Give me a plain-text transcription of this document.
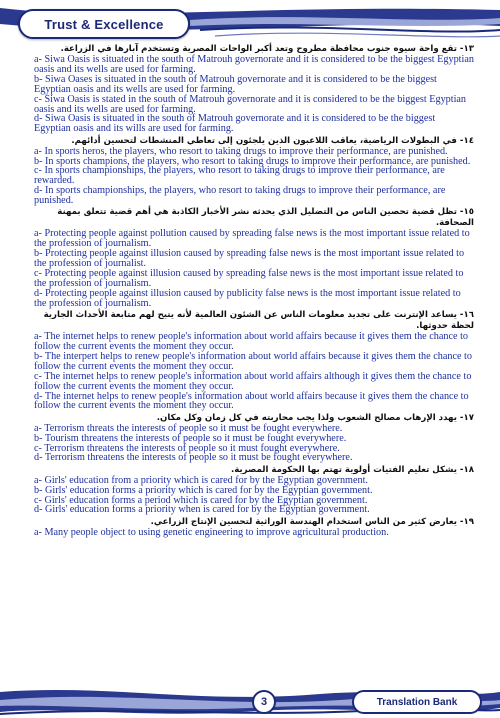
Trust & Excellence
١٣- تقع واحة سيوه جنوب محافظة مطروح وتعد أكبر الواحات المصرية وتستخدم آبارها في الزراعة.
a- Siwa Oasis is situated in the south of Matrouh governorate and it is considered to be the biggest Egyptian oasis and its wells are used for farming.
b- Siwa Oases is situated in the south of Matrouh governorate and it is considered to be the biggest Egyptian oasis and its wells are used for farming.
c- Siwa Oasis is stated in the south of Matrouh governorate and it is considered to be the biggest Egyptian oasis and its wells are used for farming.
d- Siwa Oasis is situated in the south of Matrouh governorate and it is considered to be the biggest Egyptian oasis and its wills are used for farming.
١٤- في البطولات الرياضية، يعاقب اللاعبون الذين يلجئون إلى تعاطي المنشطات لتحسين أدائهم.
a- In sports heros, the players, who resort to taking drugs to improve their performance, are punished.
b- In sports champions, the players, who resort to taking drugs to improve their performance, are punished.
c- In sports championships, the players, who resort to taking drugs to improve their performance, are rewarded.
d- In sports championships, the players, who resort to taking drugs to improve their performance, are punished.
١٥- تظل قضية تحصين الناس من التضليل الذي يحدثه نشر الأخبار الكاذبة هي أهم قضية تتعلق بمهنة الصحافة.
a- Protecting people against pollution caused by spreading false news is the most important issue related to the profession of journalism.
b- Protecting people against illusion caused by spreading false news is the most important issue related to the profession of journalist.
c- Protecting people against illusion caused by spreading false news is the most important issue related to the profession of journalism.
d- Protecting people against illusion caused by publicity false news is the most important issue related to the profession of journalism.
١٦- يساعد الإنترنت على تجديد معلومات الناس عن الشئون العالمية لأنه يتيح لهم متابعة الأحداث الجارية لحظة حدوثها.
a- The internet helps to renew people's information about world affairs because it gives them the chance to follow the current events the moment they occur.
b- The interpert helps to renew people's information about world affairs because it gives them the chance to follow the current events the moment they occur.
c- The internet helps to renew people's information about world affairs although it gives them the chance to follow the current events the moment they occur.
d- The internet helps to renew people's information about world affairs because it gives them the chance to follow the current events the moment they occur.
١٧- يهدد الإرهاب مصالح الشعوب ولذا يجب محاربته في كل زمان وكل مكان.
a- Terrorism threats the interests of people so it must be fought everywhere.
b- Tourism threatens the interests of people so it must be fought everywhere.
c- Terrorism threatens the interests of people so it must fought everywhere.
d- Terrorism threatens the interests of people so it must be fought everywhere.
١٨- يشكل تعليم الفتيات أولوية تهتم بها الحكومة المصرية.
a- Girls' education from a priority which is cared for by the Egyptian government.
b- Girls' education forms a priority which is cared for by the Egyptian government.
c- Girls' education forms a period which is cared for by the Egyptian government.
d- Girls' education forms a priority when is cared for by the Egyptian government.
١٩- يعارض كثير من الناس استخدام الهندسة الوراثية لتحسين الإنتاج الزراعي.
a- Many people object to using genetic engineering to improve agricultural production.
3	Translation Bank
